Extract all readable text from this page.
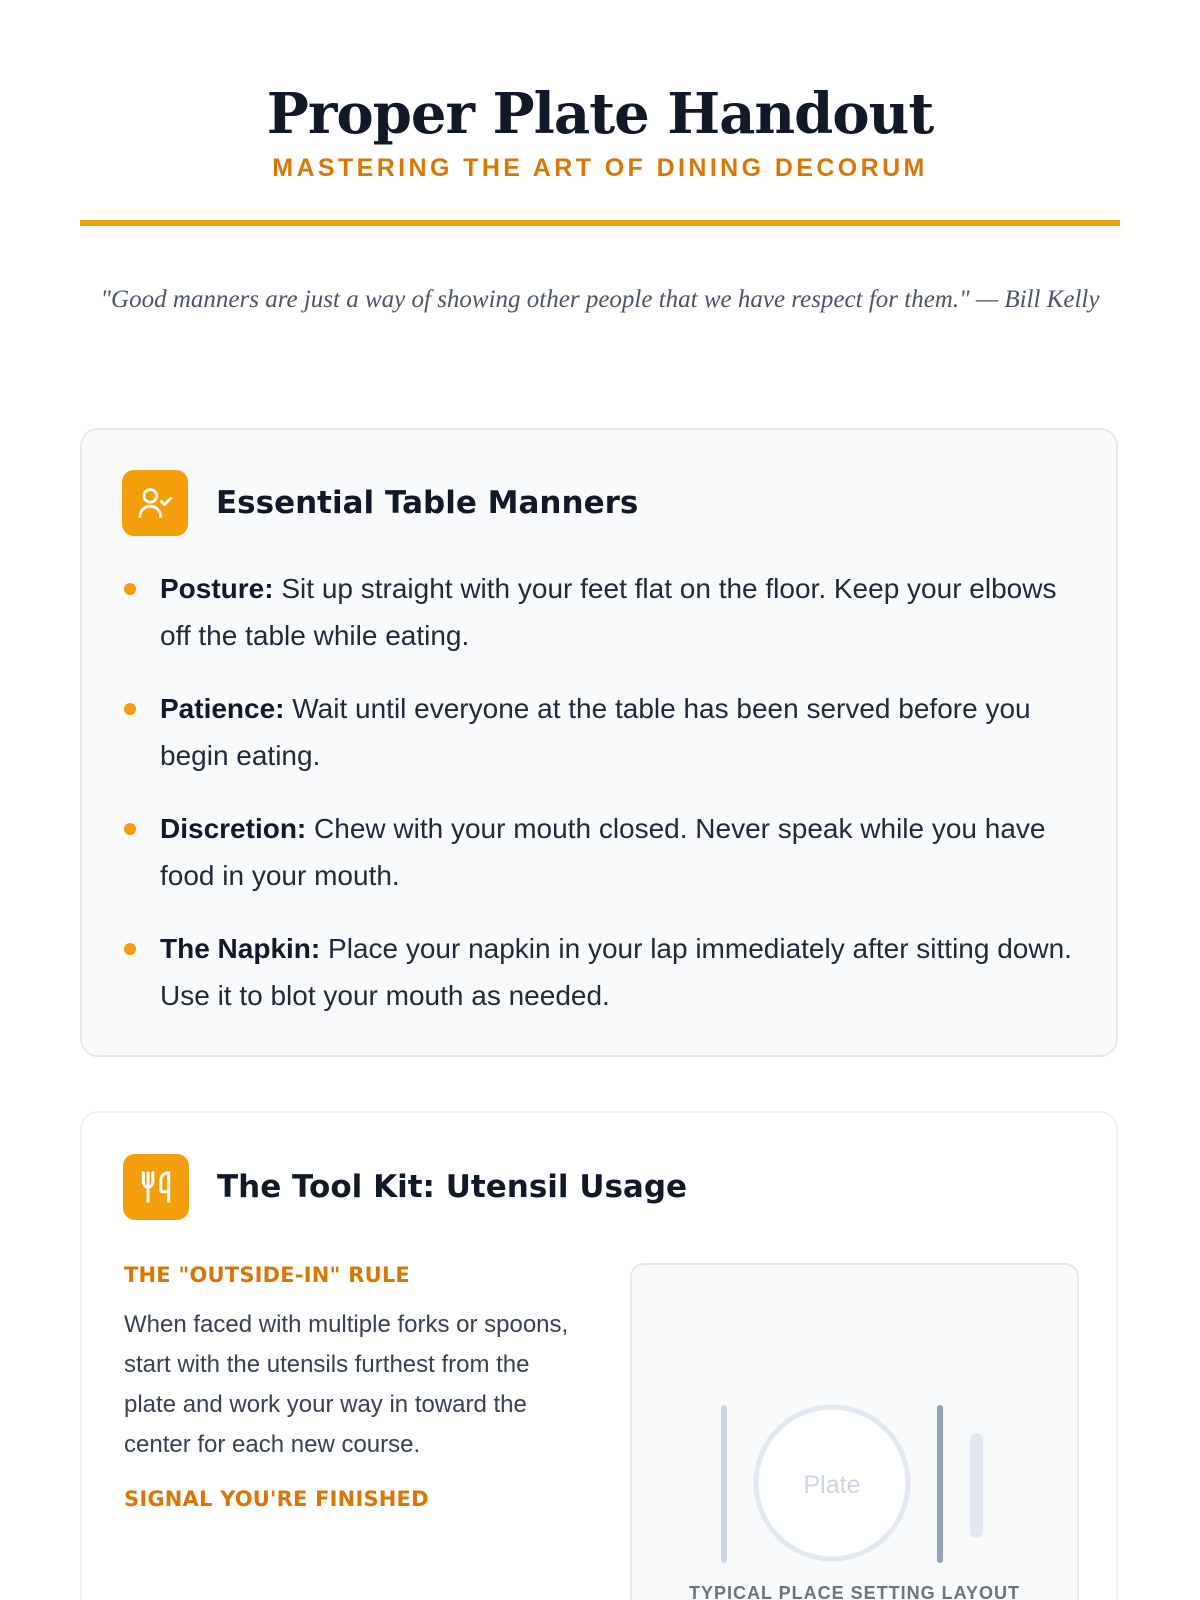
Proper Plate Handout
MASTERING THE ART OF DINING DECORUM
"Good manners are just a way of showing other people that we have respect for them." — Bill Kelly
Essential Table Manners
Posture: Sit up straight with your feet flat on the floor. Keep your elbows off the table while eating.
Patience: Wait until everyone at the table has been served before you begin eating.
Discretion: Chew with your mouth closed. Never speak while you have food in your mouth.
The Napkin: Place your napkin in your lap immediately after sitting down. Use it to blot your mouth as needed.
The Tool Kit: Utensil Usage
THE "OUTSIDE-IN" RULE

When faced with multiple forks or spoons, start with the utensils furthest from the plate and work your way in toward the center for each new course.

SIGNAL YOU'RE FINISHED	Plate
TYPICAL PLACE SETTING LAYOUT
